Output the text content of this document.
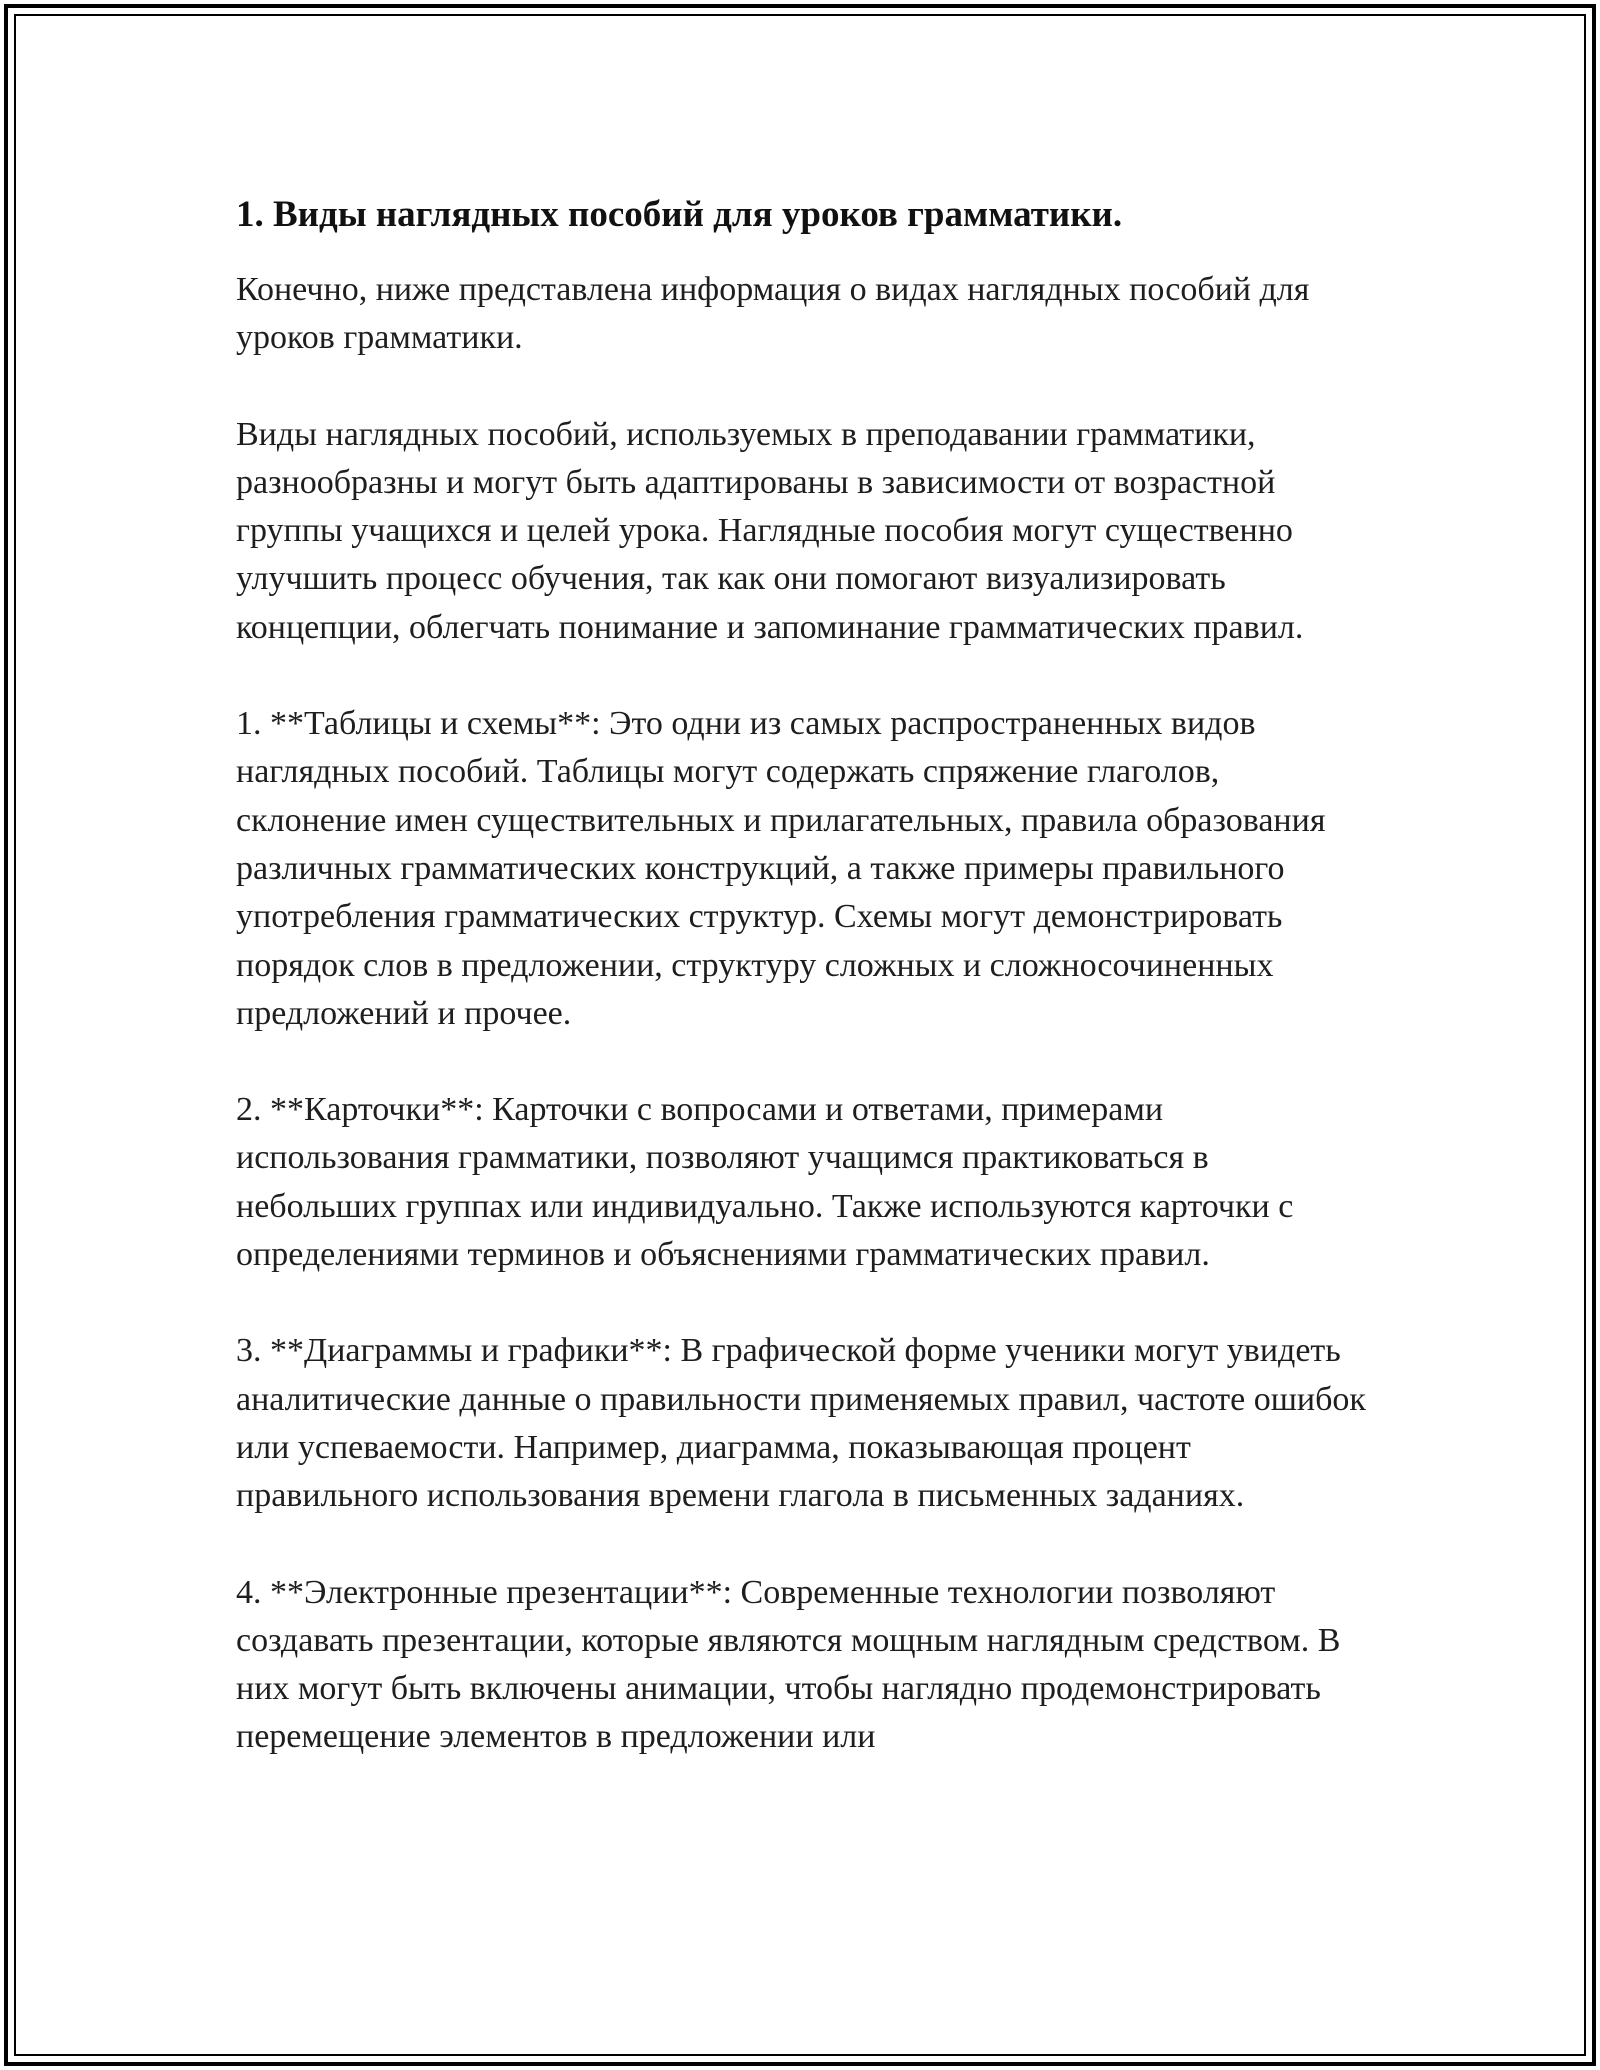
1. Виды наглядных пособий для уроков грамматики.

Конечно, ниже представлена информация о видах наглядных пособий для уроков грамматики.

Виды наглядных пособий, используемых в преподавании грамматики, разнообразны и могут быть адаптированы в зависимости от возрастной группы учащихся и целей урока. Наглядные пособия могут существенно улучшить процесс обучения, так как они помогают визуализировать концепции, облегчать понимание и запоминание грамматических правил.

1. **Таблицы и схемы**: Это одни из самых распространенных видов наглядных пособий. Таблицы могут содержать спряжение глаголов, склонение имен существительных и прилагательных, правила образования различных грамматических конструкций, а также примеры правильного употребления грамматических структур. Схемы могут демонстрировать порядок слов в предложении, структуру сложных и сложносочиненных предложений и прочее.

2. **Карточки**: Карточки с вопросами и ответами, примерами использования грамматики, позволяют учащимся практиковаться в небольших группах или индивидуально. Также используются карточки с определениями терминов и объяснениями грамматических правил.

3. **Диаграммы и графики**: В графической форме ученики могут увидеть аналитические данные о правильности применяемых правил, частоте ошибок или успеваемости. Например, диаграмма, показывающая процент правильного использования времени глагола в письменных заданиях.

4. **Электронные презентации**: Современные технологии позволяют создавать презентации, которые являются мощным наглядным средством. В них могут быть включены анимации, чтобы наглядно продемонстрировать перемещение элементов в предложении или
